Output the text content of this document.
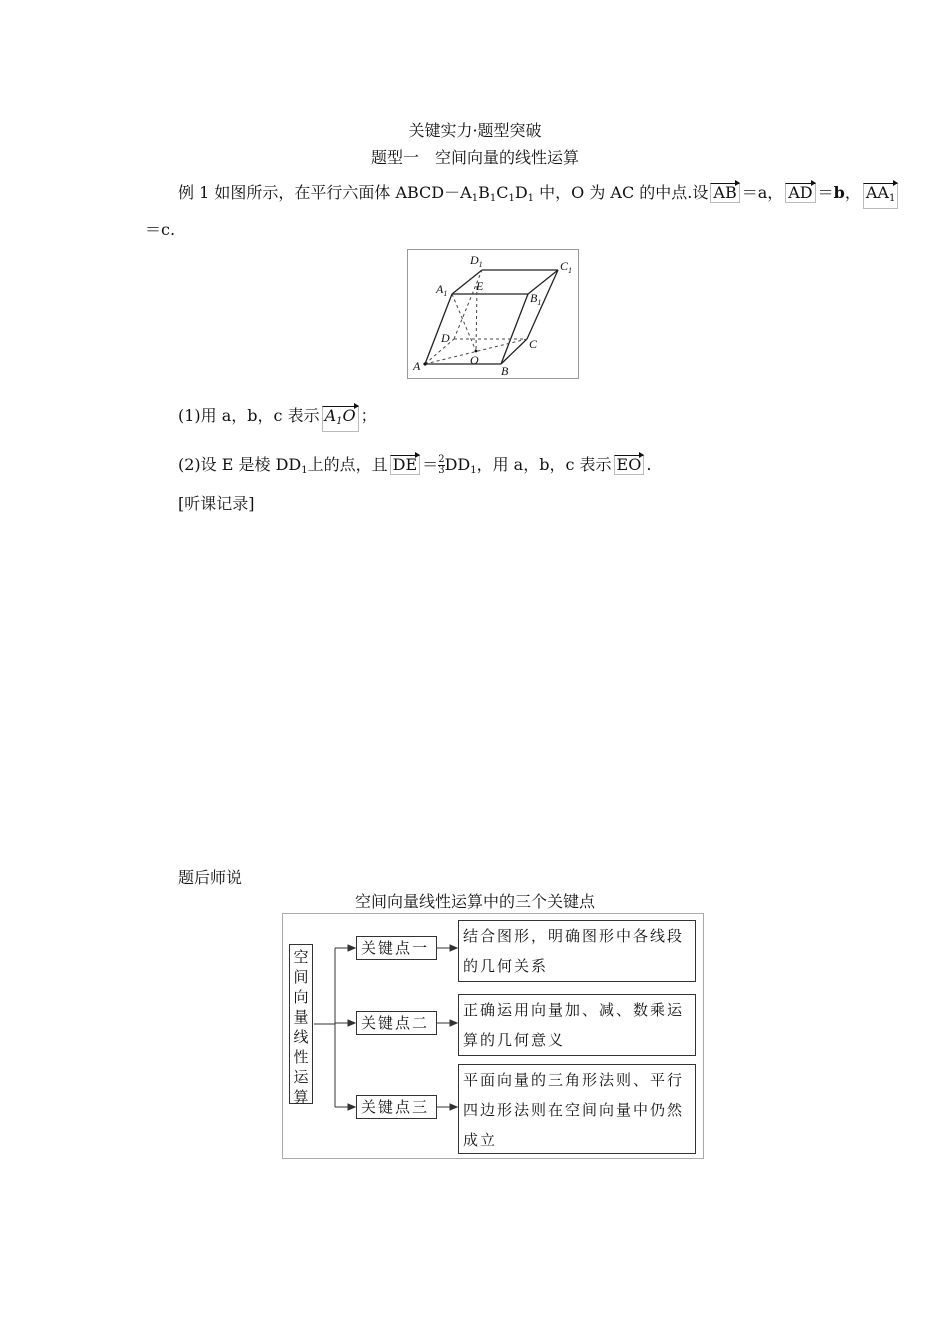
关键实力·题型突破
题型一　空间向量的线性运算
例 1 如图所示，在平行六面体 $ABCD-A_1B_1C_1D_1$ 中，O 为 AC 的中点.设 AB ＝a， AD ＝b， $AA_1$
＝c.
$D_1$	$C_1$
$A_1$
E
$B_1$
D	C
O
A	B
(1)用 a，b，c 表示 $A_1O$ ；
(2)设 E 是棱 $DD_1$上的点，且 DE ＝ $\frac{2}{3} DD_1$，用 a，b，c 表示 EO .
[听课记录]
题后师说
空间向量线性运算中的三个关键点
空
间
向
量
线
性
运
算
关键点一
结合图形，明确图形中各线段的几何关系
关键点二
正确运用向量加、减、数乘运算的几何意义
关键点三
平面向量的三角形法则、平行四边形法则在空间向量中仍然成立
